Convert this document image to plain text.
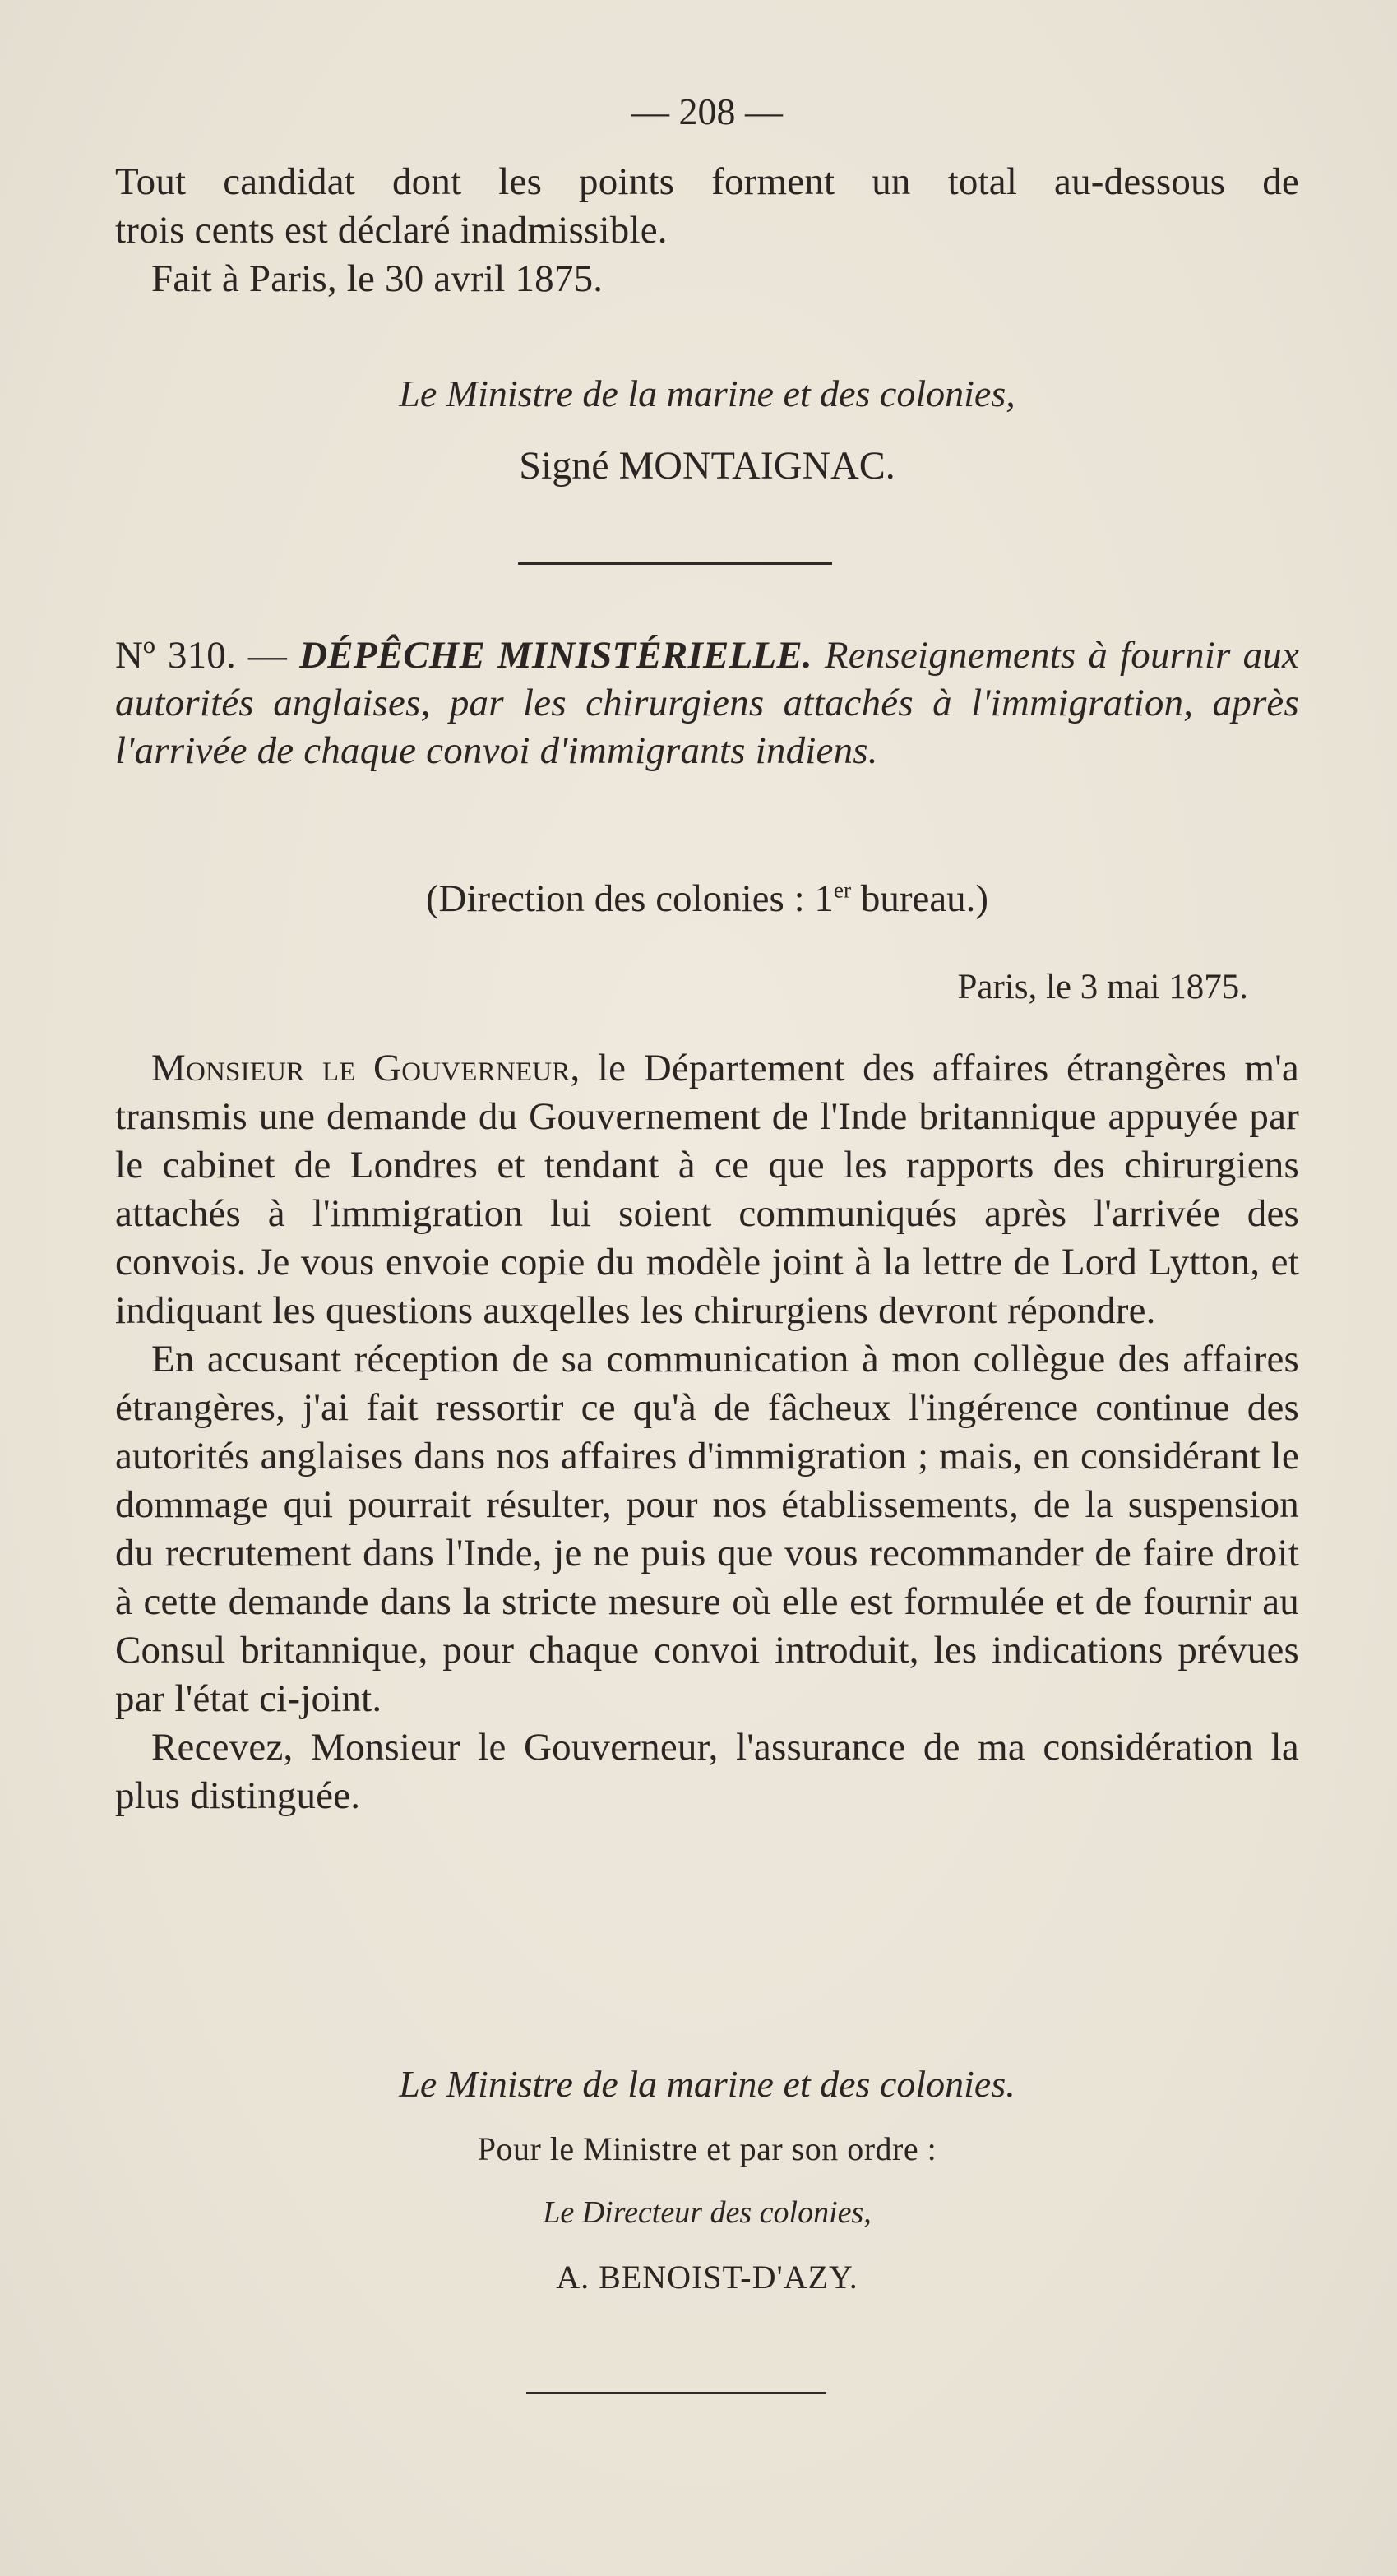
— 208 —

Tout candidat dont les points forment un total au-dessous de

trois cents est déclaré inadmissible.

Fait à Paris, le 30 avril 1875.

Le Ministre de la marine et des colonies,
Signé MONTAIGNAC.

Nº 310. — DÉPÊCHE MINISTÉRIELLE. Renseignements à fournir aux autorités anglaises, par les chirurgiens attachés à l'immigration, après l'arrivée de chaque convoi d'immigrants indiens.

(Direction des colonies : 1er bureau.)
Paris, le 3 mai 1875.

Monsieur le Gouverneur, le Département des affaires étrangères m'a transmis une demande du Gouvernement de l'Inde britannique appuyée par le cabinet de Londres et tendant à ce que les rapports des chirurgiens attachés à l'immigration lui soient communiqués après l'arrivée des convois. Je vous envoie copie du modèle joint à la lettre de Lord Lytton, et indiquant les questions auxqelles les chirurgiens devront répondre.

En accusant réception de sa communication à mon collègue des affaires étrangères, j'ai fait ressortir ce qu'à de fâcheux l'ingérence continue des autorités anglaises dans nos affaires d'immigration ; mais, en considérant le dommage qui pourrait résulter, pour nos établissements, de la suspension du recrutement dans l'Inde, je ne puis que vous recommander de faire droit à cette demande dans la stricte mesure où elle est formulée et de fournir au Consul britannique, pour chaque convoi introduit, les indications prévues par l'état ci-joint.

Recevez, Monsieur le Gouverneur, l'assurance de ma considération la plus distinguée.

Le Ministre de la marine et des colonies.
Pour le Ministre et par son ordre :
Le Directeur des colonies,
A. BENOIST-D'AZY.
